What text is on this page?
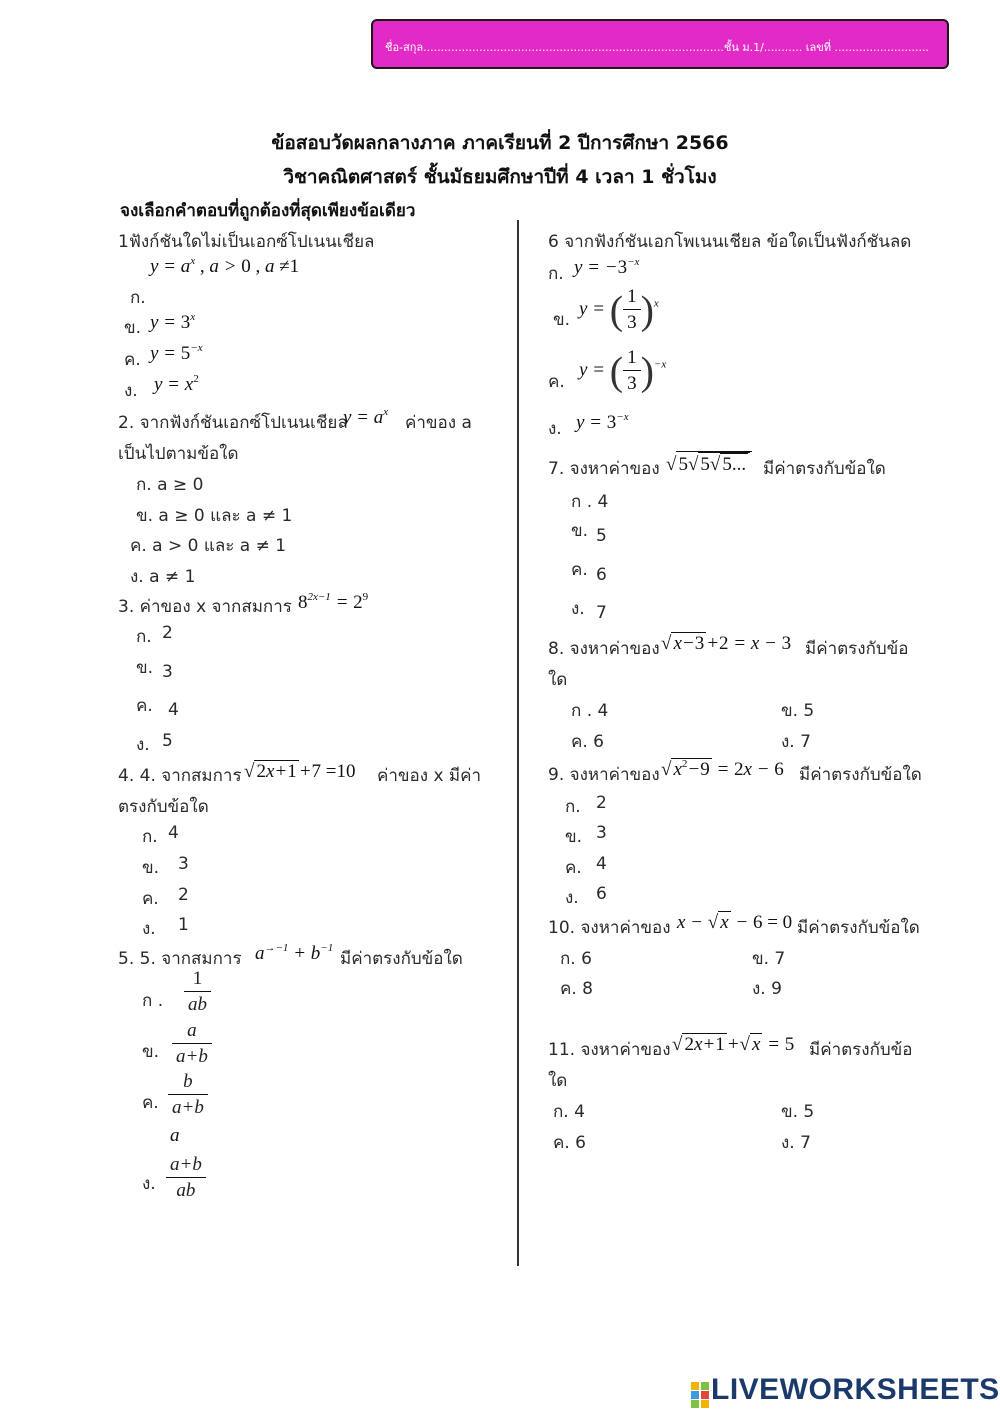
ชื่อ-สกุล......................................................................................ชั้น ม.1/........... เลขที่ ...........................
ข้อสอบวัดผลกลางภาค ภาคเรียนที่ 2 ปีการศึกษา 2566
วิชาคณิตศาสตร์ ชั้นมัธยมศึกษาปีที่ 4 เวลา 1 ชั่วโมง
จงเลือกคำตอบที่ถูกต้องที่สุดเพียงข้อเดียว
1ฟังก์ชันใดไม่เป็นเอกซ์โปเนนเชียล
$y = a^x$ , a > 0 , a ≠1
ก.
ข. $y = 3^x$
ค. $y = 5^{-x}$
ง. $y = x^2$
2. จากฟังก์ชันเอกซ์โปเนนเชียล
$y = a^x$
ค่าของ a
เป็นไปตามข้อใด
ก. a ≥ 0
ข. a ≥ 0 และ a ≠ 1
ค. a > 0 และ a ≠ 1
ง. a ≠ 1
3. ค่าของ x จากสมการ $8^{2x-1} = 2^9$
ก. 2
ข. 3
ค. 4
ง. 5
4. 4. จากสมการ √ 2x+1 +7 =10 ค่าของ x มีค่า
ตรงกับข้อใด
ก. 4
ข. 3
ค. 2
ง. 1
5. 5. จากสมการ $a^{\to-1} + b^{-1}$
มีค่าตรงกับข้อใด
ก . $\frac{1}{ab}$
ข. $\frac{a}{a+b}$
ค. $\frac{b}{a+b}$
a
ง. $\frac{a+b}{ab}$
6 จากฟังก์ชันเอกโพเนนเชียล ข้อใดเป็นฟังก์ชันลด
ก. $y = -3^{-x}$
ข.
y = ( $\frac{1}{3} )^x$
ค.
y = ( $\frac{1}{3} )^{-x}$
ง. $y = 3^{-x}$
7. จงหาค่าของ √ 5√ 5√ 5... มีค่าตรงกับข้อใด
ก . 4
ข. 5
ค. 6
ง. 7
8. จงหาค่าของ √ x−3 +2 = x − 3 มีค่าตรงกับข้อ
ใด
ก . 4	ข. 5
ค. 6	ง. 7
9. จงหาค่าของ √ $x^2-9 = 2x - 6$ มีค่าตรงกับข้อใด
ก. 2
ข. 3
ค. 4
ง. 6
10. จงหาค่าของ x − √ x − 6 = 0 มีค่าตรงกับข้อใด
ก. 6	ข. 7
ค. 8	ง. 9
11. จงหาค่าของ √ 2x+1 +√ x = 5 มีค่าตรงกับข้อ
ใด
ก. 4	ข. 5
ค. 6	ง. 7
LIVEWORKSHEETS
